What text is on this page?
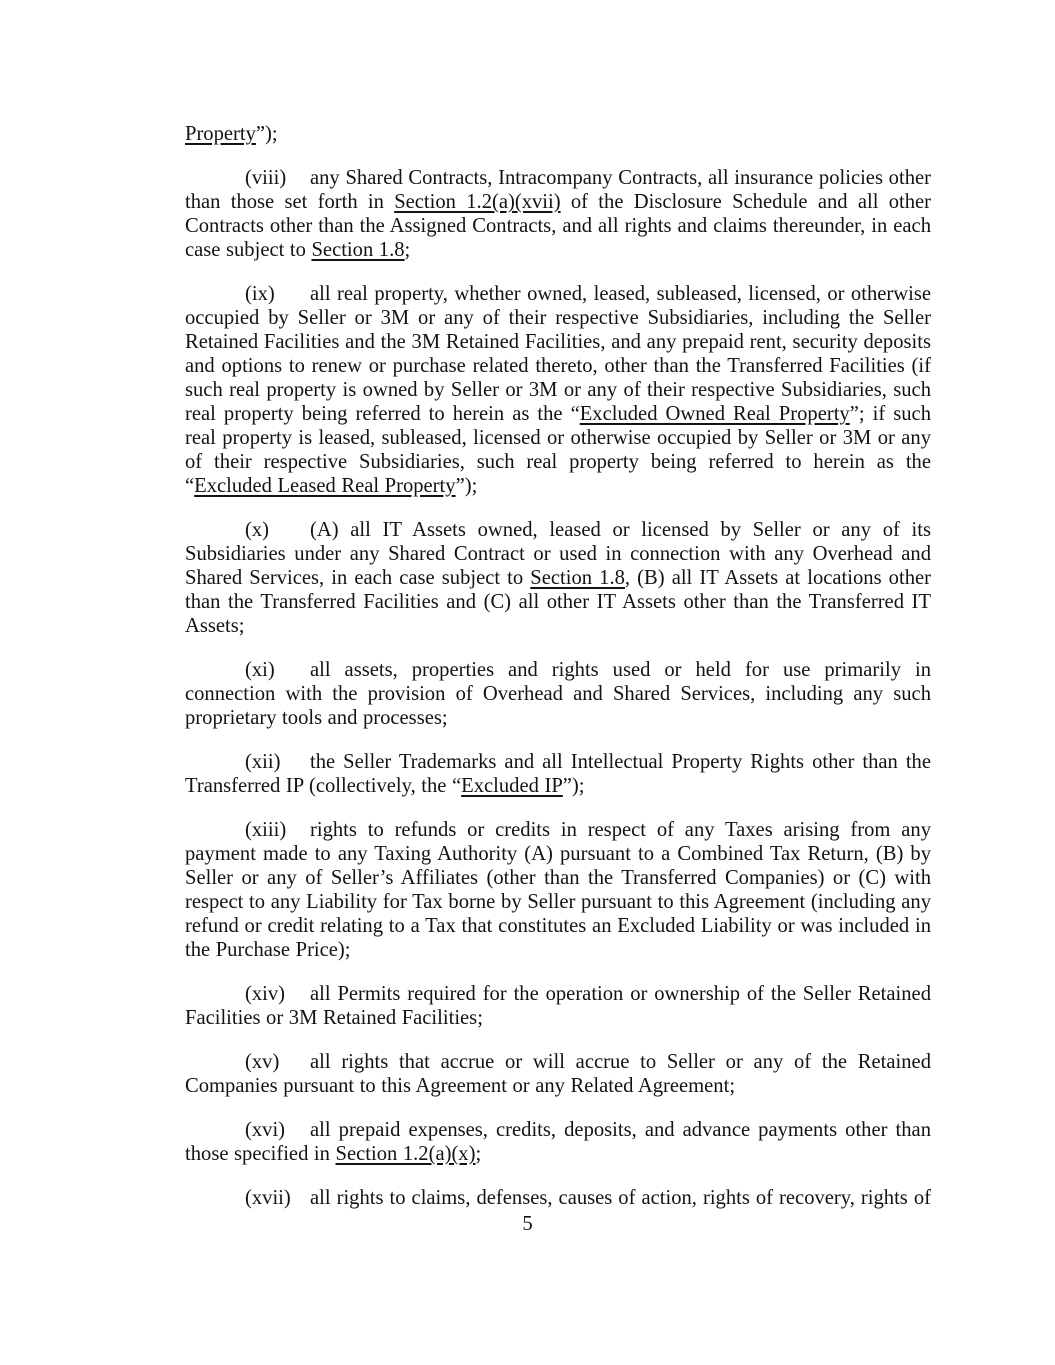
Property”);

(viii) any Shared Contracts, Intracompany Contracts, all insurance policies other than those set forth in Section 1.2(a)(xvii) of the Disclosure Schedule and all other Contracts other than the Assigned Contracts, and all rights and claims thereunder, in each case subject to Section 1.8;

(ix) all real property, whether owned, leased, subleased, licensed, or otherwise occupied by Seller or 3M or any of their respective Subsidiaries, including the Seller Retained Facilities and the 3M Retained Facilities, and any prepaid rent, security deposits and options to renew or purchase related thereto, other than the Transferred Facilities (if such real property is owned by Seller or 3M or any of their respective Subsidiaries, such real property being referred to herein as the “Excluded Owned Real Property”; if such real property is leased, subleased, licensed or otherwise occupied by Seller or 3M or any of their respective Subsidiaries, such real property being referred to herein as the “Excluded Leased Real Property”);

(x) (A) all IT Assets owned, leased or licensed by Seller or any of its Subsidiaries under any Shared Contract or used in connection with any Overhead and Shared Services, in each case subject to Section 1.8, (B) all IT Assets at locations other than the Transferred Facilities and (C) all other IT Assets other than the Transferred IT Assets;

(xi) all assets, properties and rights used or held for use primarily in connection with the provision of Overhead and Shared Services, including any such proprietary tools and processes;

(xii) the Seller Trademarks and all Intellectual Property Rights other than the Transferred IP (collectively, the “Excluded IP”);

(xiii) rights to refunds or credits in respect of any Taxes arising from any payment made to any Taxing Authority (A) pursuant to a Combined Tax Return, (B) by Seller or any of Seller’s Affiliates (other than the Transferred Companies) or (C) with respect to any Liability for Tax borne by Seller pursuant to this Agreement (including any refund or credit relating to a Tax that constitutes an Excluded Liability or was included in the Purchase Price);

(xiv) all Permits required for the operation or ownership of the Seller Retained Facilities or 3M Retained Facilities;

(xv) all rights that accrue or will accrue to Seller or any of the Retained Companies pursuant to this Agreement or any Related Agreement;

(xvi) all prepaid expenses, credits, deposits, and advance payments other than those specified in Section 1.2(a)(x);

(xvii) all rights to claims, defenses, causes of action, rights of recovery, rights of

5
